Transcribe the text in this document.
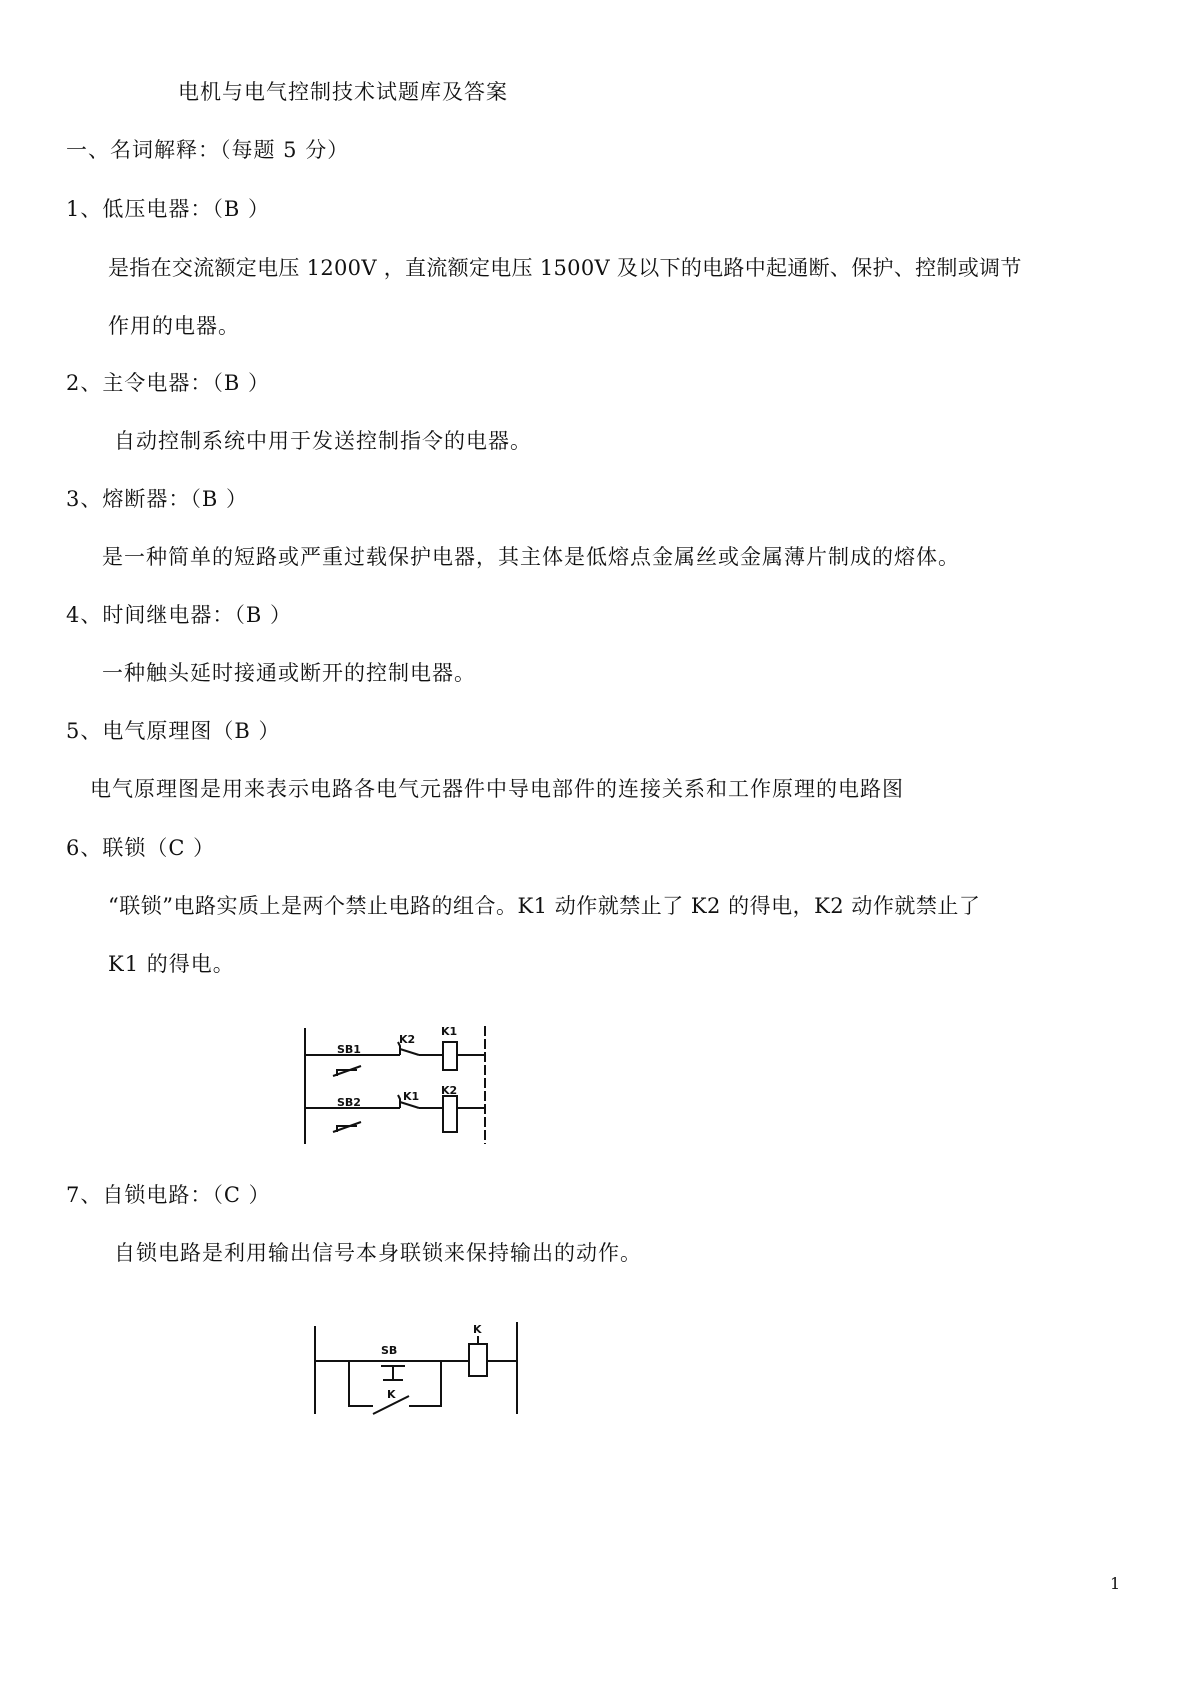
电机与电气控制技术试题库及答案
一、名词解释：（每题 5 分）
1、低压电器：（B ）
是指在交流额定电压 1200V ，直流额定电压 1500V 及以下的电路中起通断、保护、控制或调节
作用的电器。
2、主令电器：（B ）
自动控制系统中用于发送控制指令的电器。
3、熔断器：（B ）
是一种简单的短路或严重过载保护电器，其主体是低熔点金属丝或金属薄片制成的熔体。
4、时间继电器：（B ）
一种触头延时接通或断开的控制电器。
5、电气原理图（B ）
电气原理图是用来表示电路各电气元器件中导电部件的连接关系和工作原理的电路图
6、联锁（C ）
“联锁”电路实质上是两个禁止电路的组合。K1 动作就禁止了 K2 的得电，K2 动作就禁止了
K1 的得电。
SB1
K2
K1
SB2	K1 K2
7、自锁电路：（C ）
自锁电路是利用输出信号本身联锁来保持输出的动作。
SB
K
K
1
